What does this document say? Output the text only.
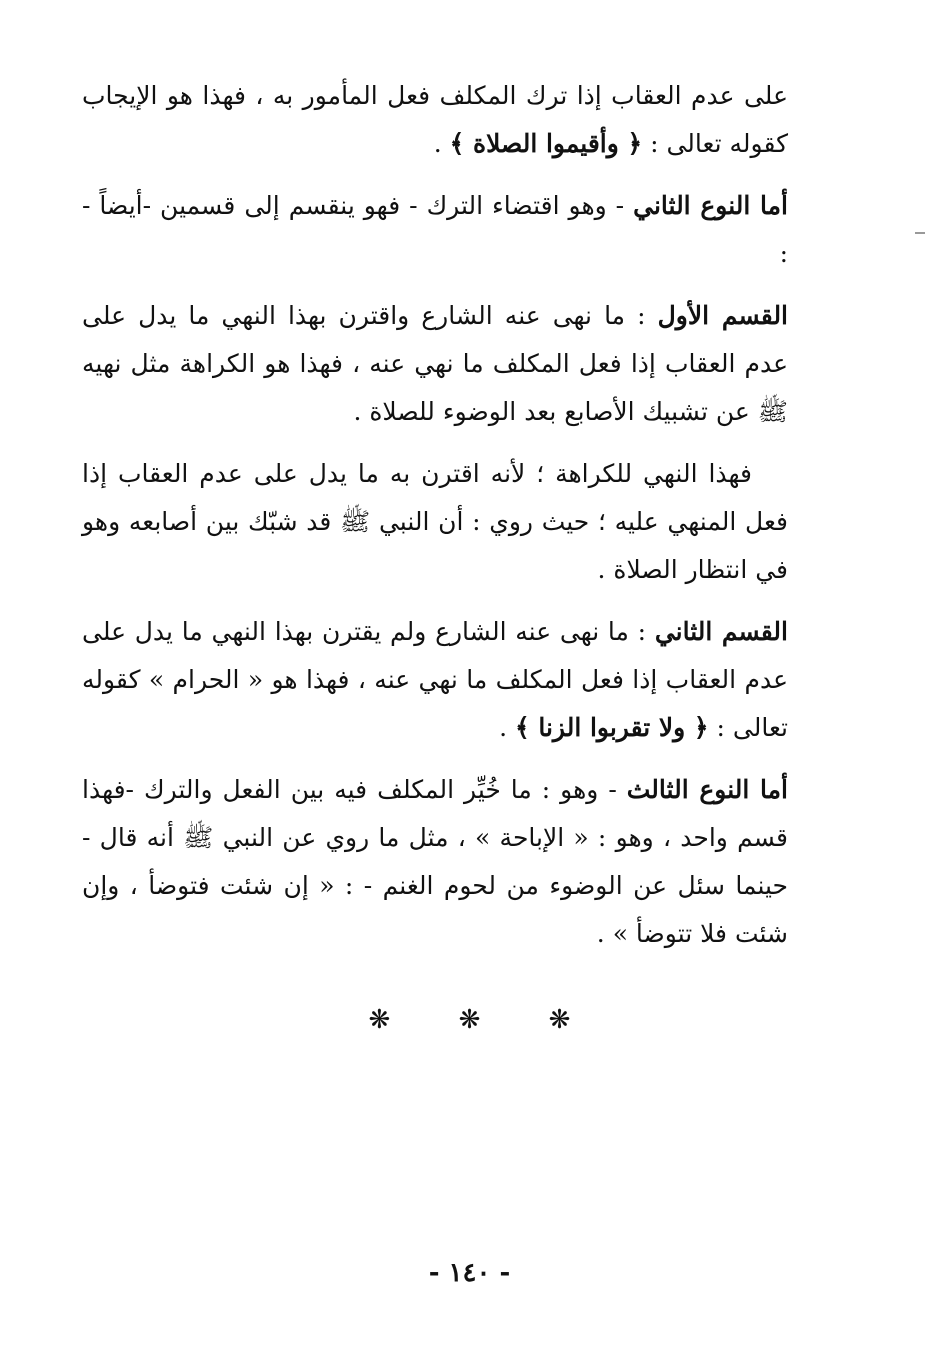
على عدم العقاب إذا ترك المكلف فعل المأمور به ، فهذا هو الإيجاب كقوله تعالى : ﴿ وأقيموا الصلاة ﴾ .

أما النوع الثاني - وهو اقتضاء الترك - فهو ينقسم إلى قسمين -أيضاً - :

القسم الأول : ما نهى عنه الشارع واقترن بهذا النهي ما يدل على عدم العقاب إذا فعل المكلف ما نهي عنه ، فهذا هو الكراهة مثل نهيه ﷺ عن تشبيك الأصابع بعد الوضوء للصلاة .

فهذا النهي للكراهة ؛ لأنه اقترن به ما يدل على عدم العقاب إذا فعل المنهي عليه ؛ حيث روي : أن النبي ﷺ قد شبّك بين أصابعه وهو في انتظار الصلاة .

القسم الثاني : ما نهى عنه الشارع ولم يقترن بهذا النهي ما يدل على عدم العقاب إذا فعل المكلف ما نهي عنه ، فهذا هو « الحرام » كقوله تعالى : ﴿ ولا تقربوا الزنا ﴾ .

أما النوع الثالث - وهو : ما خُيِّر المكلف فيه بين الفعل والترك -فهذا قسم واحد ، وهو : « الإباحة » ، مثل ما روي عن النبي ﷺ أنه قال - حينما سئل عن الوضوء من لحوم الغنم - : « إن شئت فتوضأ ، وإن شئت فلا تتوضأ » .

❋	❋	❋
- ١٤٠ -
